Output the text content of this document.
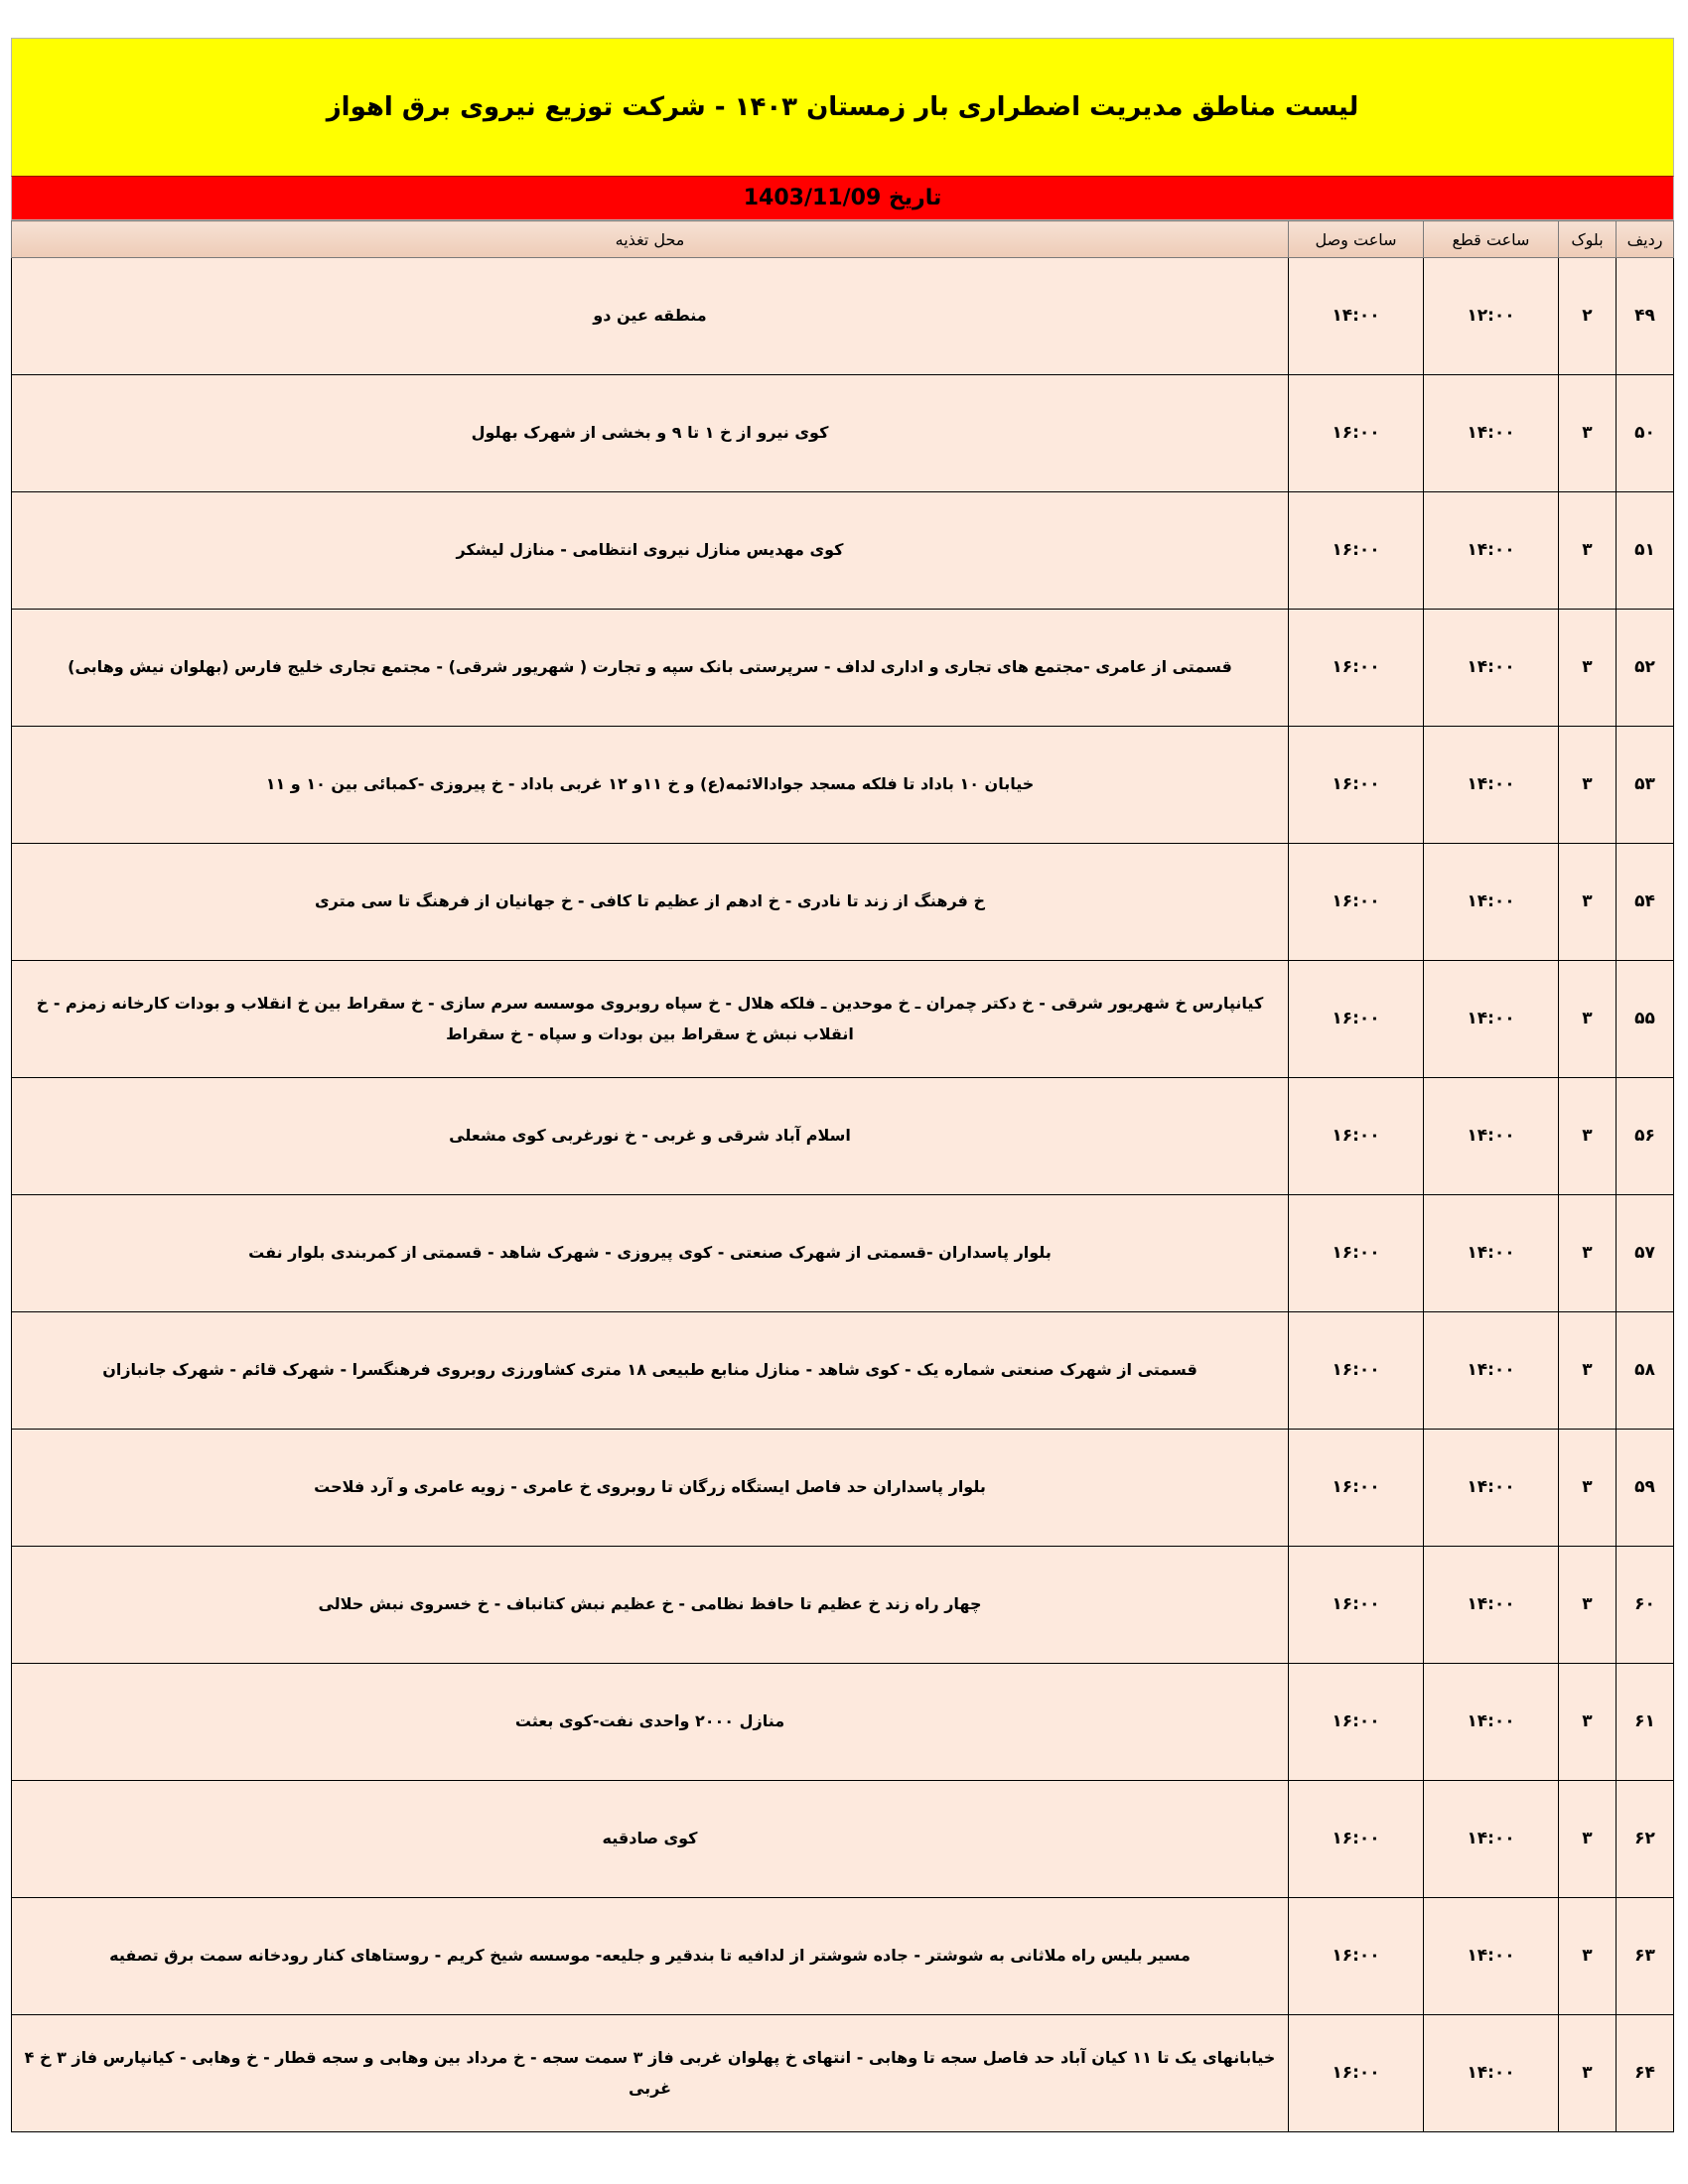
لیست مناطق مدیریت اضطراری بار زمستان ۱۴۰۳ - شرکت توزیع نیروی برق اهواز
تاریخ 1403/11/09
ردیف	بلوک	ساعت قطع	ساعت وصل	محل تغذیه
۴۹	۲	۱۲:۰۰	۱۴:۰۰	منطقه عین دو
۵۰	۳	۱۴:۰۰	۱۶:۰۰	کوی نیرو از خ ۱ تا ۹ و بخشی از شهرک بهلول
۵۱	۳	۱۴:۰۰	۱۶:۰۰	کوی مهدیس منازل نیروی انتظامی - منازل لیشکر
۵۲	۳	۱۴:۰۰	۱۶:۰۰	قسمتی از عامری -مجتمع های تجاری و اداری لداف - سرپرستی بانک سپه و تجارت ( شهریور شرقی) - مجتمع تجاری خلیج فارس (بهلوان نیش وهابی)
۵۳	۳	۱۴:۰۰	۱۶:۰۰	خیابان ۱۰ باداد تا فلکه مسجد جوادالائمه(ع) و خ ۱۱و ۱۲ غربی باداد - خ پیروزی -کمبائی بین ۱۰ و ۱۱
۵۴	۳	۱۴:۰۰	۱۶:۰۰	خ فرهنگ از زند تا نادری - خ ادهم از عظیم تا کافی - خ جهانیان از فرهنگ تا سی متری
۵۵	۳	۱۴:۰۰	۱۶:۰۰	کیانپارس خ شهریور شرقی - خ دکتر چمران ـ خ موحدین ـ فلکه هلال - خ سپاه روبروی موسسه سرم سازی - خ سقراط بین خ انقلاب و بودات کارخانه زمزم - خ انقلاب نبش خ سقراط بین بودات و سپاه - خ سقراط
۵۶	۳	۱۴:۰۰	۱۶:۰۰	اسلام آباد شرقی و غربی - خ نورغربی کوی مشعلی
۵۷	۳	۱۴:۰۰	۱۶:۰۰	بلوار پاسداران -قسمتی از شهرک صنعتی - کوی پیروزی - شهرک شاهد - قسمتی از کمربندی بلوار نفت
۵۸	۳	۱۴:۰۰	۱۶:۰۰	قسمتی از شهرک صنعتی شماره یک - کوی شاهد - منازل منابع طبیعی ۱۸ متری کشاورزی روبروی فرهنگسرا - شهرک قائم - شهرک جانبازان
۵۹	۳	۱۴:۰۰	۱۶:۰۰	بلوار پاسداران حد فاصل ایستگاه زرگان تا روبروی خ عامری - زویه عامری و آرد فلاحت
۶۰	۳	۱۴:۰۰	۱۶:۰۰	چهار راه زند خ عظیم تا حافظ نظامی - خ عظیم نبش کتانباف - خ خسروی نبش حلالی
۶۱	۳	۱۴:۰۰	۱۶:۰۰	منازل ۲۰۰۰ واحدی نفت-کوی بعثت
۶۲	۳	۱۴:۰۰	۱۶:۰۰	کوی صادقیه
۶۳	۳	۱۴:۰۰	۱۶:۰۰	مسیر بلیس راه ملاثانی به شوشتر - جاده شوشتر از لدافیه تا بندقیر و جلیعه- موسسه شیخ کریم - روستاهای کنار رودخانه سمت برق تصفیه
۶۴	۳	۱۴:۰۰	۱۶:۰۰	خیابانهای یک تا ۱۱ کیان آباد حد فاصل سجه تا وهابی - انتهای خ پهلوان غربی فاز ۳ سمت سجه - خ مرداد بین وهابی و سجه قطار - خ وهابی - کیانپارس فاز ۳ خ ۴ غربی
